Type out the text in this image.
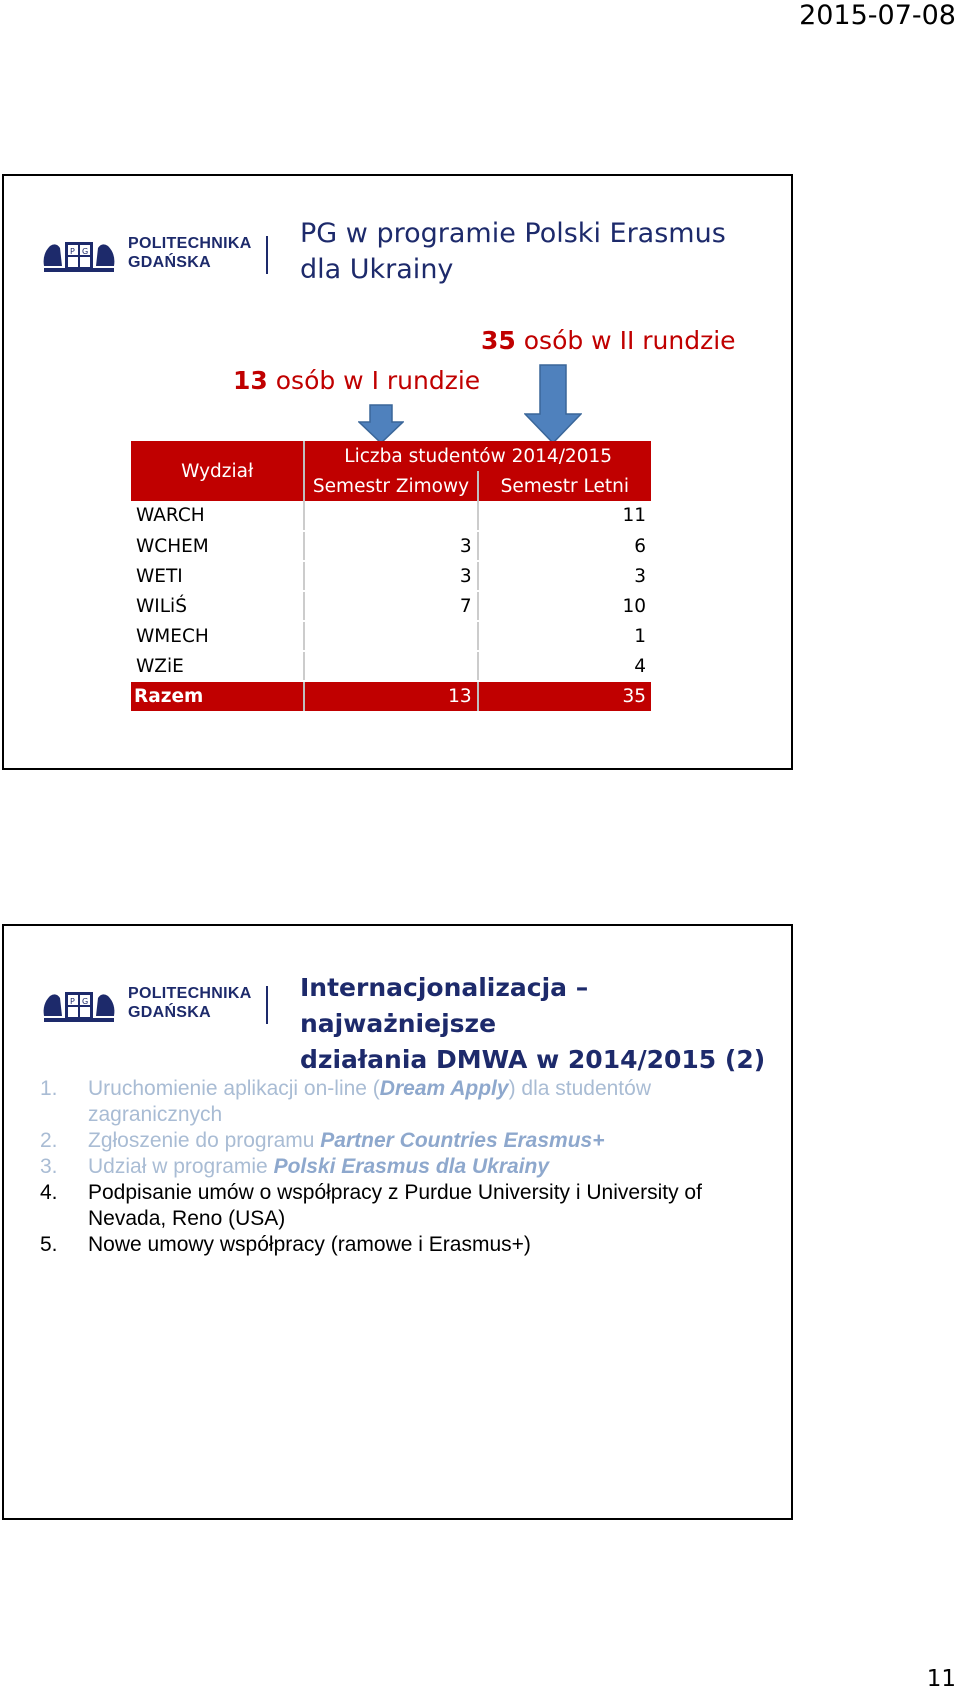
2015-07-08
P G POLITECHNIKA
GDAŃSKA
PG w programie Polski Erasmus
dla Ukrainy
35 osób w II rundzie
13 osób w I rundzie
Wydział	Liczba studentów 2014/2015	
	Semestr Zimowy	Semestr Letni
WARCH		11
WCHEM	3	6
WETI	3	3
WILiŚ	7	10
WMECH		1
WZiE		4
Razem	13	35
P G POLITECHNIKA
GDAŃSKA
Internacjonalizacja – najważniejsze
działania DMWA w 2014/2015 (2)
1. Uruchomienie aplikacji on-line (Dream Apply) dla studentów zagranicznych
2. Zgłoszenie do programu Partner Countries Erasmus+
3. Udział w programie Polski Erasmus dla Ukrainy
4. Podpisanie umów o współpracy z Purdue University i University of Nevada, Reno (USA)
5. Nowe umowy współpracy (ramowe i Erasmus+)
11
